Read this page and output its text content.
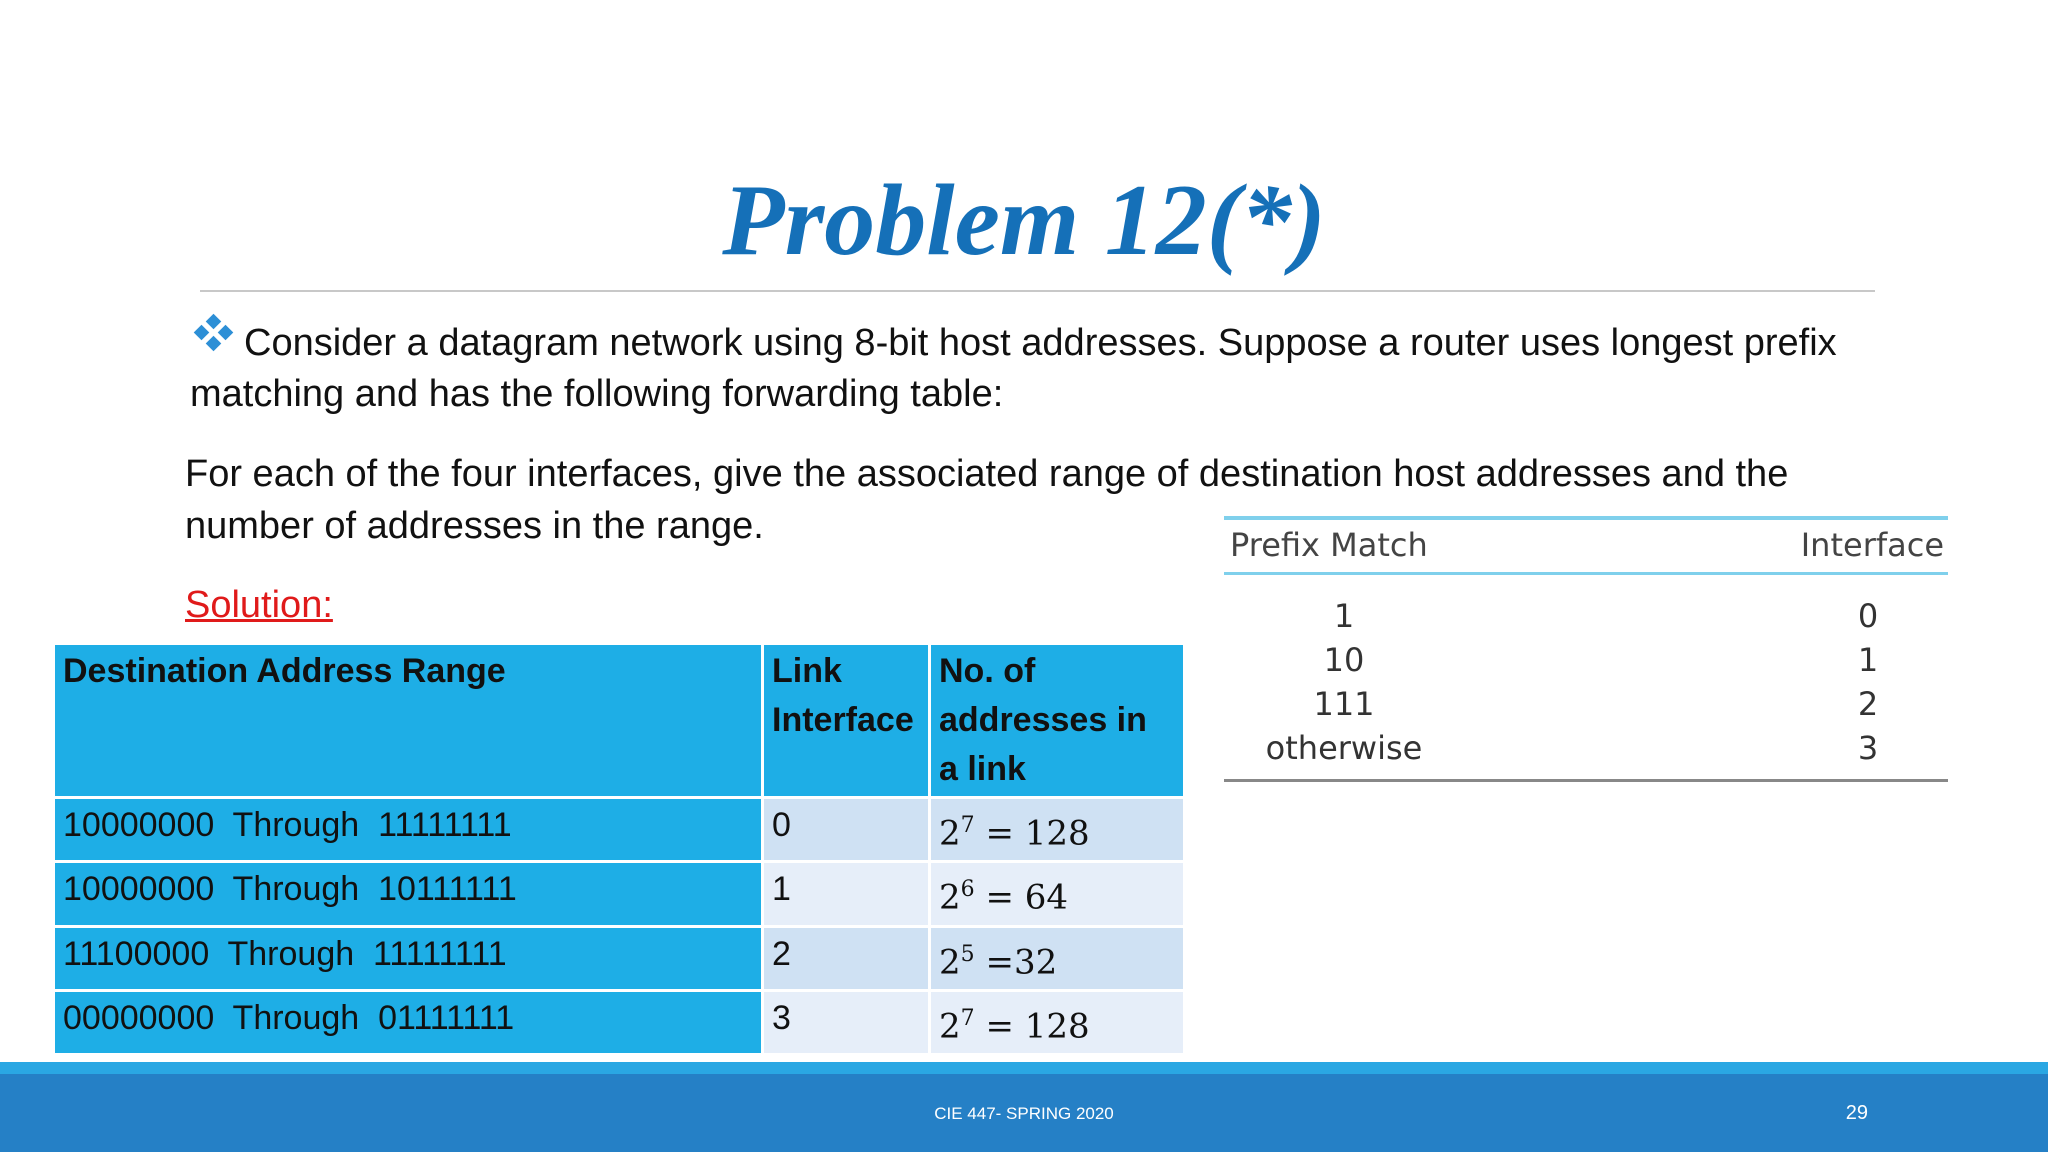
Problem 12(*)
Consider a datagram network using 8-bit host addresses. Suppose a router uses longest prefix matching and has the following forwarding table:
For each of the four interfaces, give the associated range of destination host addresses and the number of addresses in the range.
Solution:
Destination Address Range	Link Interface	No. of addresses in a link
10000000  Through  11111111	0	$2^7 = 128$
10000000  Through  10111111	1	$2^6 = 64$
11100000  Through  11111111	2	$2^5 =32$
00000000  Through  01111111	3	$2^7 = 128$
Prefix Match	Interface
1	0
10	1
111	2
otherwise	3
CIE 447- SPRING 2020	29
